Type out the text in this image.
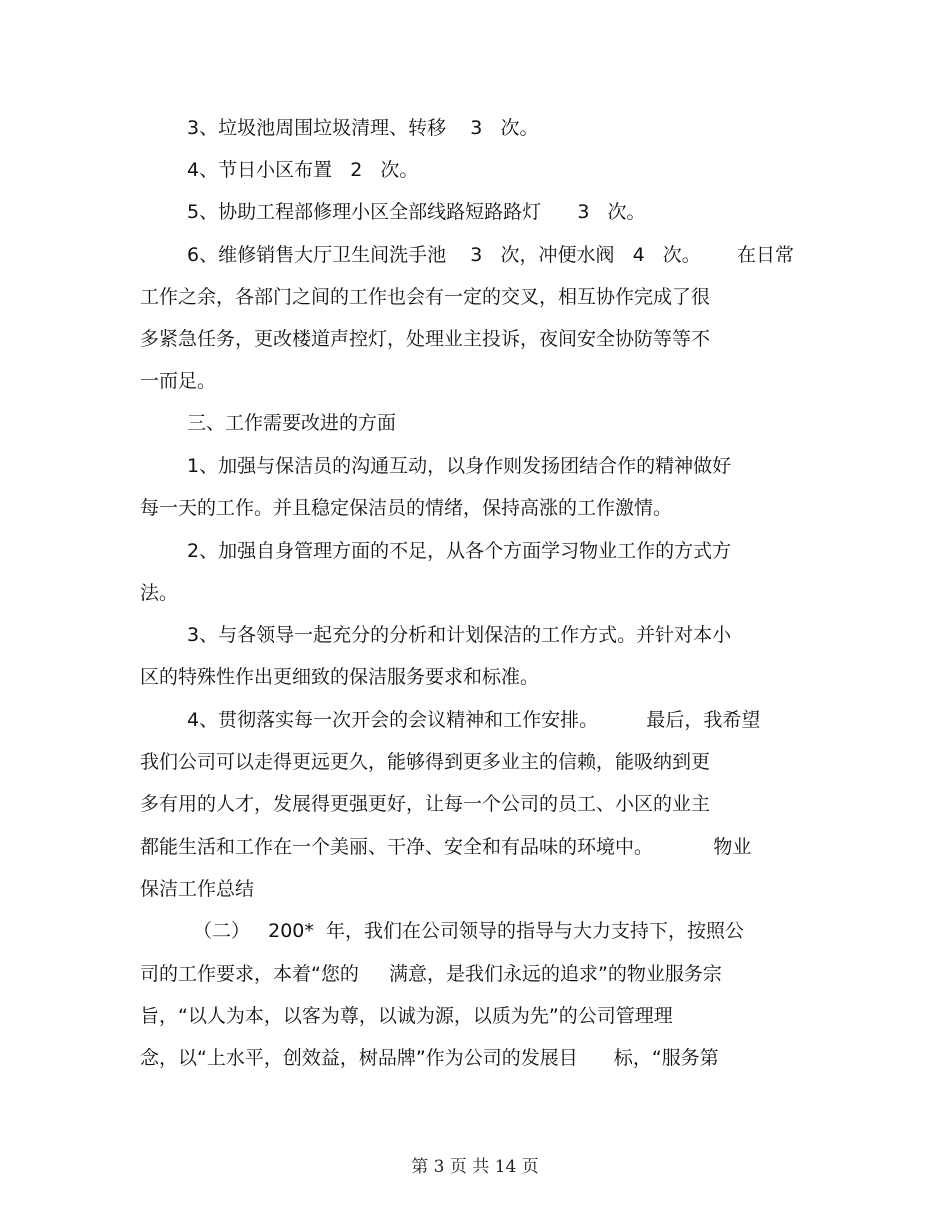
3、垃圾池周围垃圾清理、转移    3   次。
4、节日小区布置   2   次。
5、协助工程部修理小区全部线路短路路灯      3   次。
6、维修销售大厅卫生间洗手池    3   次，冲便水阀   4   次。      在日常
工作之余，各部门之间的工作也会有一定的交叉，相互协作完成了很
多紧急任务，更改楼道声控灯，处理业主投诉，夜间安全协防等等不
一而足。
三、工作需要改进的方面
1、加强与保洁员的沟通互动，以身作则发扬团结合作的精神做好
每一天的工作。并且稳定保洁员的情绪，保持高涨的工作激情。
2、加强自身管理方面的不足，从各个方面学习物业工作的方式方
法。
3、与各领导一起充分的分析和计划保洁的工作方式。并针对本小
区的特殊性作出更细致的保洁服务要求和标准。
4、贯彻落实每一次开会的会议精神和工作安排。        最后，我希望
我们公司可以走得更远更久，能够得到更多业主的信赖，能吸纳到更
多有用的人才，发展得更强更好，让每一个公司的员工、小区的业主
都能生活和工作在一个美丽、干净、安全和有品味的环境中。          物业
保洁工作总结
（二）   200*  年，我们在公司领导的指导与大力支持下，按照公
司的工作要求，本着“您的     满意，是我们永远的追求”的物业服务宗
旨，“以人为本，以客为尊，以诚为源，以质为先”的公司管理理
念，以“上水平，创效益，树品牌”作为公司的发展目      标，“服务第
第 3 页 共 14 页
